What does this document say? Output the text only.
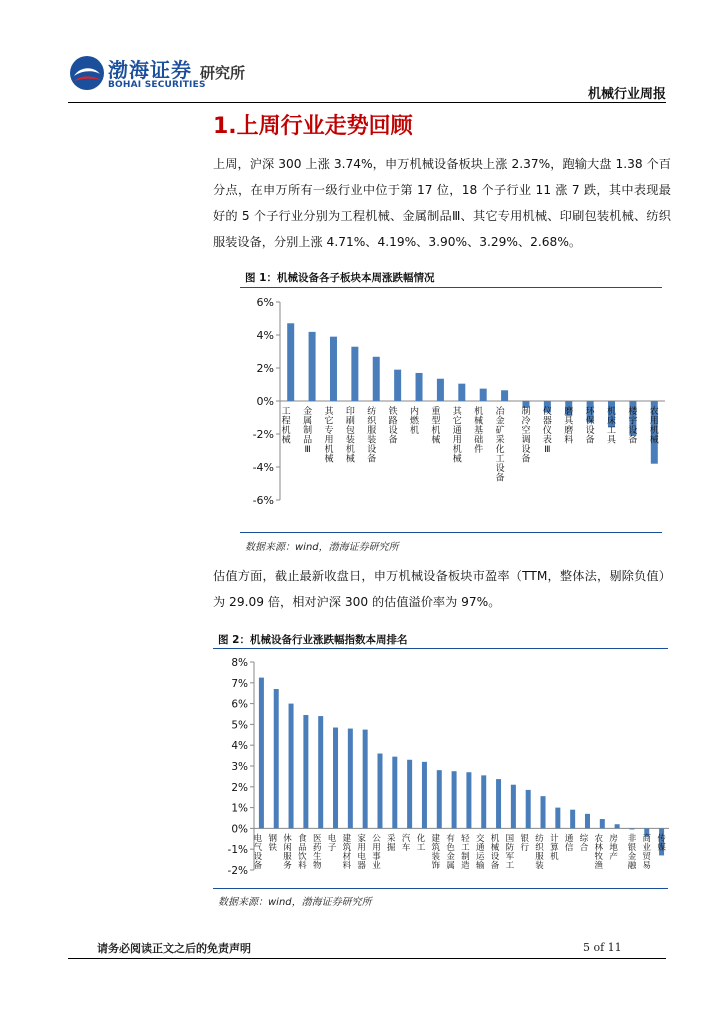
渤海证券
BOHAI SECURITIES
研究所
机械行业周报
1.上周行业走势回顾
上周，沪深 300 上涨 3.74%，申万机械设备板块上涨 2.37%，跑输大盘 1.38 个百分点，在申万所有一级行业中位于第 17 位，18 个子行业 11 涨 7 跌，其中表现最好的 5 个子行业分别为工程机械、金属制品Ⅲ、其它专用机械、印刷包装机械、纺织服装设备，分别上涨 4.71%、4.19%、3.90%、3.29%、2.68%。
图 1：机械设备各子板块本周涨跌幅情况
6%
4%
2%
0%
-2%
-4%
-6%
工程机械
金属制品 Ⅲ
其它专用机械
印刷包装机械
纺织服装设备
铁路设备
内燃机
重型机械
其它通用机械
机械基础件
冶金矿采化工设备
制冷空调设备
仪器仪表 Ⅲ
磨具磨料
环保设备
机床工具
楼宇设备
农用机械
数据来源：wind，渤海证券研究所
估值方面，截止最新收盘日，申万机械设备板块市盈率（TTM，整体法，剔除负值）为 29.09 倍，相对沪深 300 的估值溢价率为 97%。
图 2：机械设备行业涨跌幅指数本周排名
8%
7%
6%
5%
4%
3%
2%
1%
0%
-1%
-2%
电气设备
钢铁
休闲服务
食品饮料
医药生物
电子
建筑材料
家用电器
公用事业
采掘
汽车
化工
建筑装饰
有色金属
轻工制造
交通运输
机械设备
国防军工
银行
纺织服装
计算机
通信
综合
农林牧渔
房地产
非银金融
商业贸易
传媒
数据来源：wind，渤海证券研究所
请务必阅读正文之后的免责声明	5 of 11
